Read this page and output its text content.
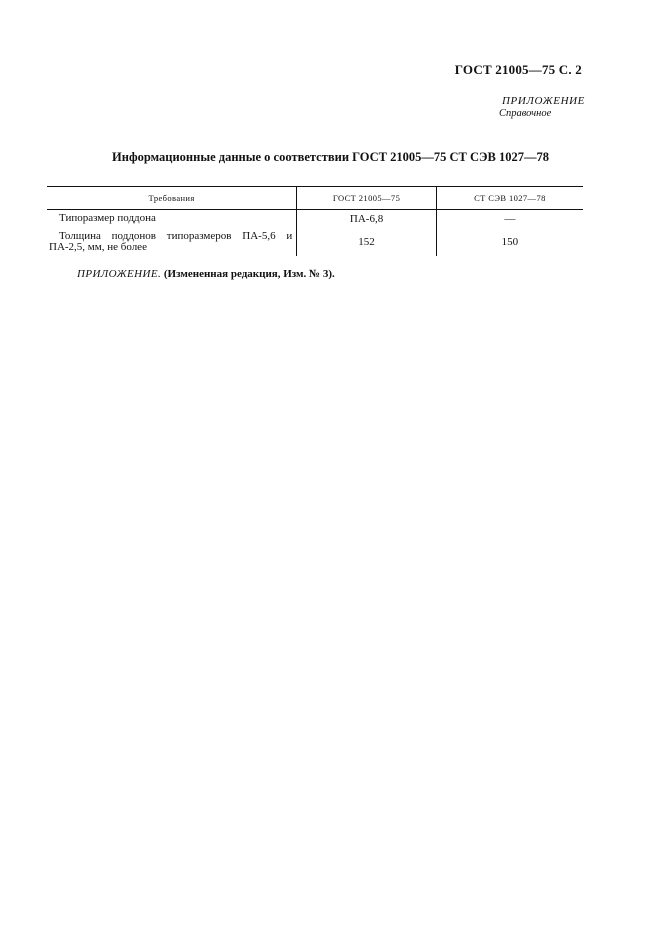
ГОСТ 21005—75 С. 2
ПРИЛОЖЕНИЕ
Справочное
Информационные данные о соответствии ГОСТ 21005—75 СТ СЭВ 1027—78
Требования	ГОСТ 21005—75	СТ СЭВ 1027—78
Типоразмер поддона	ПА-6,8	—
Толщина поддонов типоразмеров ПА-5,6 и ПА-2,5, мм, не более	152	150
ПРИЛОЖЕНИЕ. (Измененная редакция, Изм. № 3).
